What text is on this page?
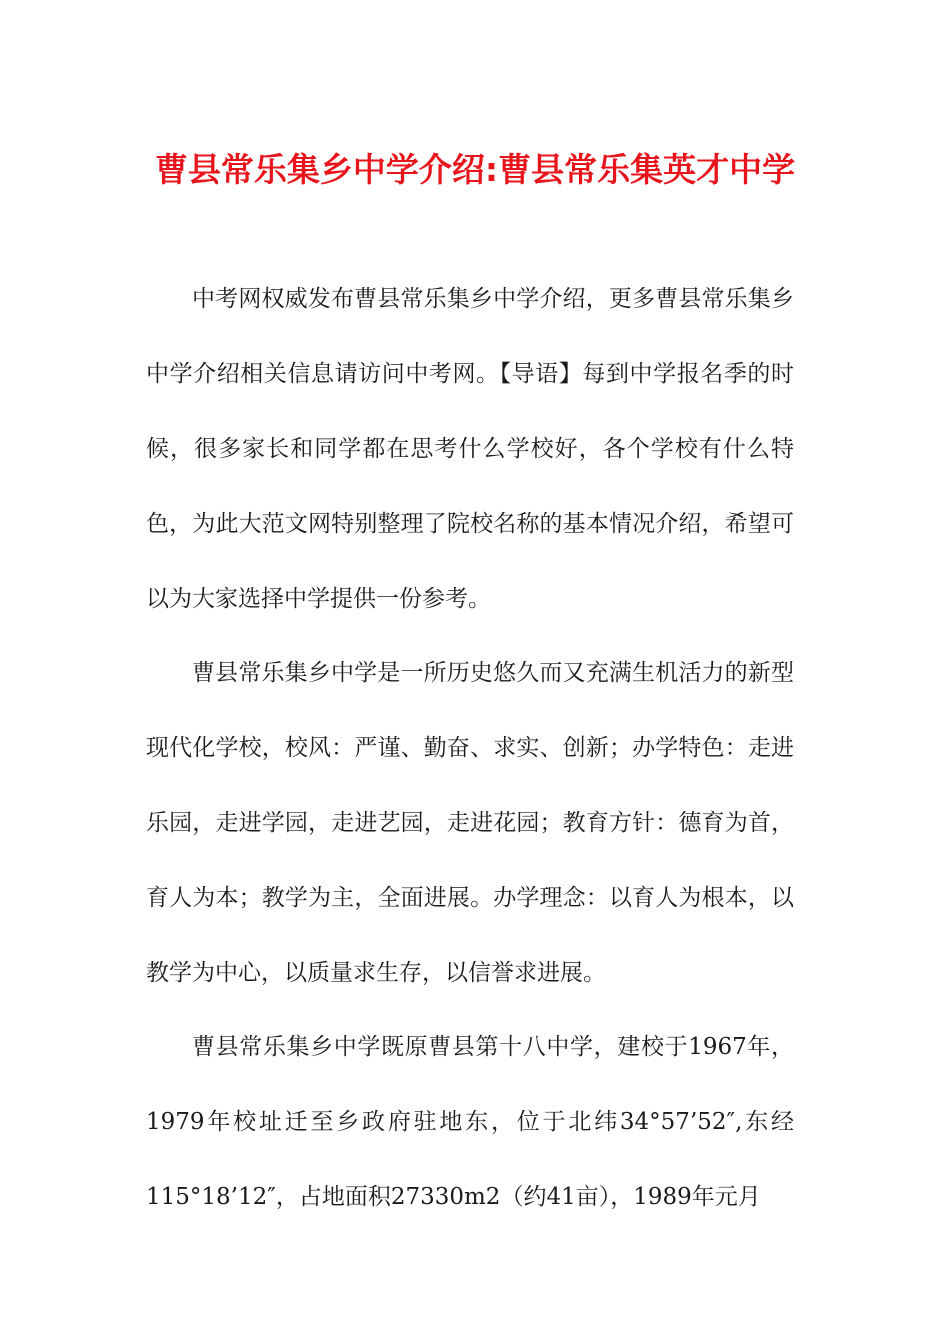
曹县常乐集乡中学介绍:曹县常乐集英才中学

中考网权威发布曹县常乐集乡中学介绍，更多曹县常乐集乡中学介绍相关信息请访问中考网。【导语】每到中学报名季的时候，很多家长和同学都在思考什么学校好，各个学校有什么特色，为此大范文网特别整理了院校名称的基本情况介绍，希望可以为大家选择中学提供一份参考。

曹县常乐集乡中学是一所历史悠久而又充满生机活力的新型现代化学校，校风：严谨、勤奋、求实、创新；办学特色：走进乐园，走进学园，走进艺园，走进花园；教育方针：德育为首，育人为本；教学为主，全面进展。办学理念：以育人为根本，以教学为中心，以质量求生存，以信誉求进展。

曹县常乐集乡中学既原曹县第十八中学，建校于1967年，1979年校址迁至乡政府驻地东，位于北纬34°57’52″,东经115°18’12″，占地面积27330m2（约41亩），1989年元月
